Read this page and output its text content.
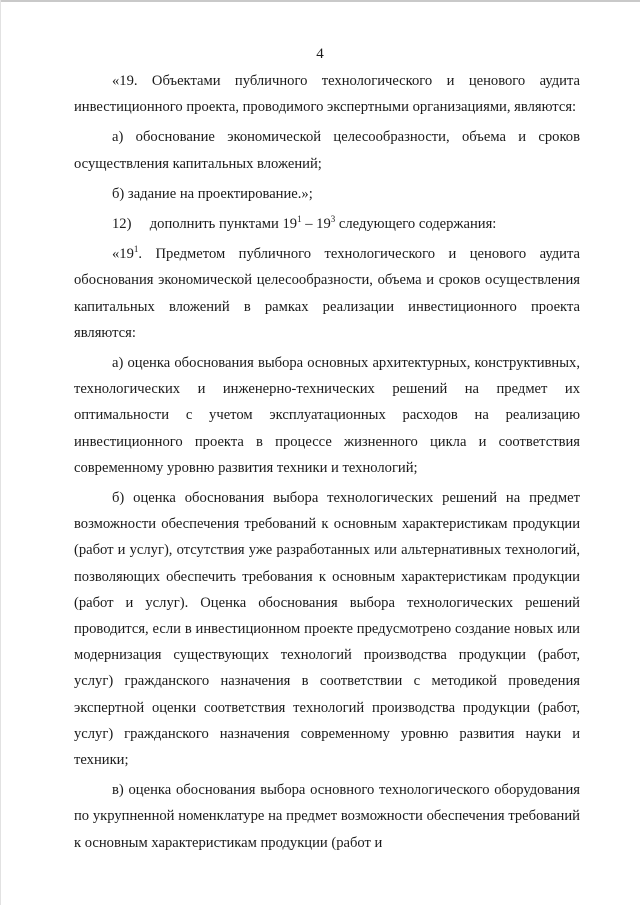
4

«19. Объектами публичного технологического и ценового аудита инвестиционного проекта, проводимого экспертными организациями, являются:

а) обоснование экономической целесообразности, объема и сроков осуществления капитальных вложений;

б) задание на проектирование.»;

12) дополнить пунктами $19^1 - 19^3$ следующего содержания:

«$19^1$. Предметом публичного технологического и ценового аудита обоснования экономической целесообразности, объема и сроков осуществления капитальных вложений в рамках реализации инвестиционного проекта являются:

а) оценка обоснования выбора основных архитектурных, конструктивных, технологических и инженерно-технических решений на предмет их оптимальности с учетом эксплуатационных расходов на реализацию инвестиционного проекта в процессе жизненного цикла и соответствия современному уровню развития техники и технологий;

б) оценка обоснования выбора технологических решений на предмет возможности обеспечения требований к основным характеристикам продукции (работ и услуг), отсутствия уже разработанных или альтернативных технологий, позволяющих обеспечить требования к основным характеристикам продукции (работ и услуг). Оценка обоснования выбора технологических решений проводится, если в инвестиционном проекте предусмотрено создание новых или модернизация существующих технологий производства продукции (работ, услуг) гражданского назначения в соответствии с методикой проведения экспертной оценки соответствия технологий производства продукции (работ, услуг) гражданского назначения современному уровню развития науки и техники;

в) оценка обоснования выбора основного технологического оборудования по укрупненной номенклатуре на предмет возможности обеспечения требований к основным характеристикам продукции (работ и
